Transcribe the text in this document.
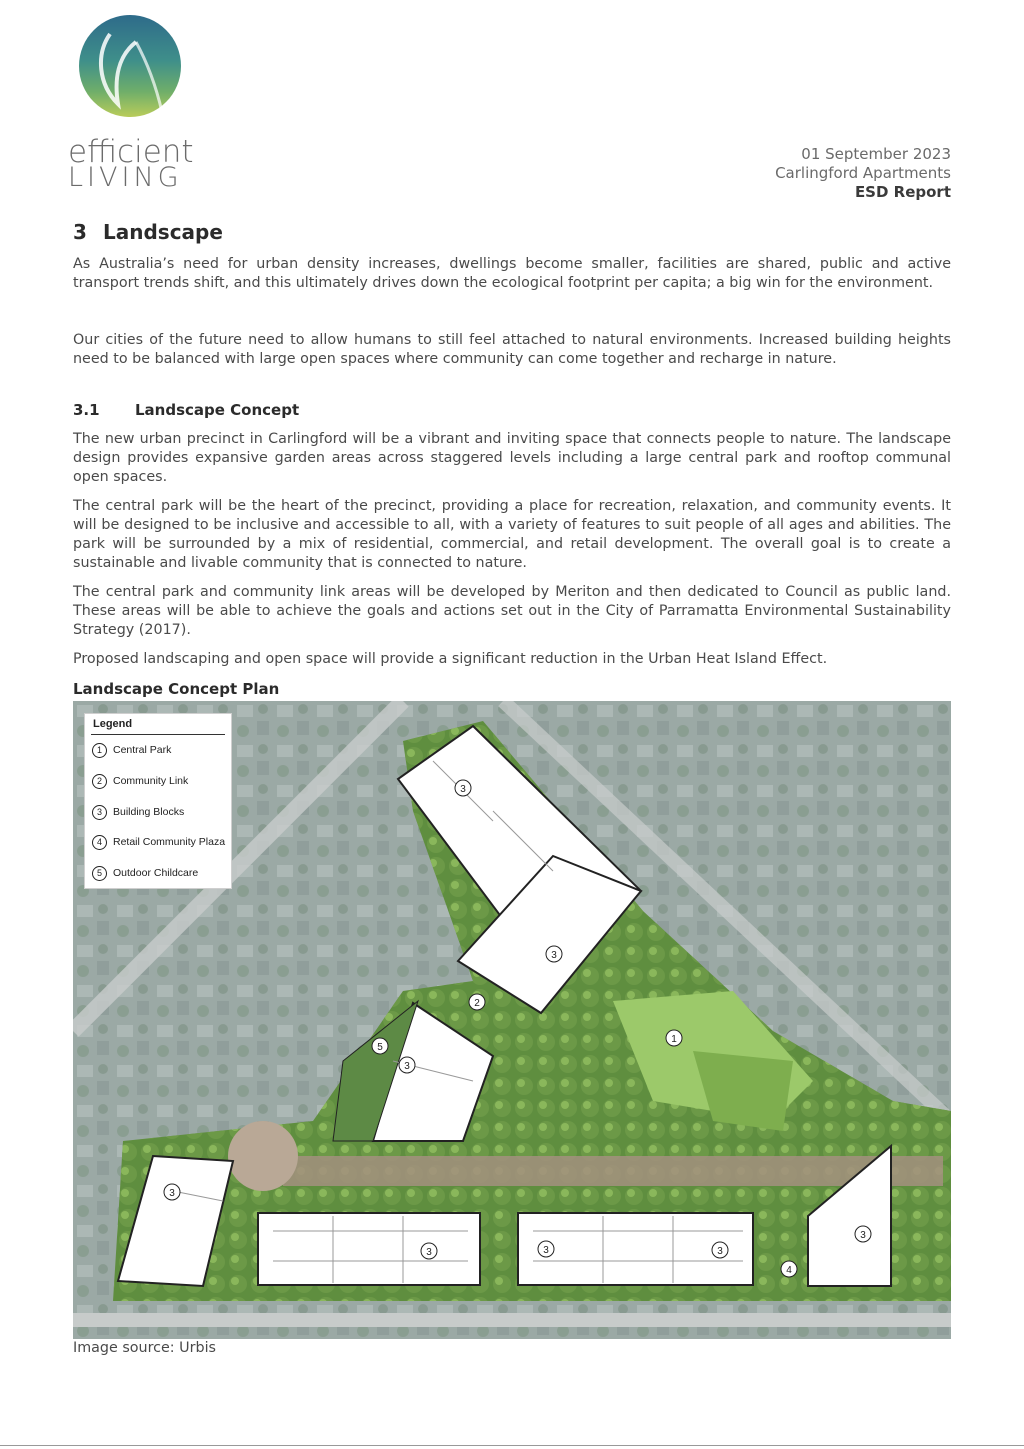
efficient
LIVING
01 September 2023
Carlingford Apartments
ESD Report
3 Landscape
As Australia’s need for urban density increases, dwellings become smaller, facilities are shared, public and active transport trends shift, and this ultimately drives down the ecological footprint per capita; a big win for the environment.
Our cities of the future need to allow humans to still feel attached to natural environments. Increased building heights need to be balanced with large open spaces where community can come together and recharge in nature.
3.1 Landscape Concept
The new urban precinct in Carlingford will be a vibrant and inviting space that connects people to nature. The landscape design provides expansive garden areas across staggered levels including a large central park and rooftop communal open spaces.
The central park will be the heart of the precinct, providing a place for recreation, relaxation, and community events. It will be designed to be inclusive and accessible to all, with a variety of features to suit people of all ages and abilities. The park will be surrounded by a mix of residential, commercial, and retail development. The overall goal is to create a sustainable and livable community that is connected to nature.
The central park and community link areas will be developed by Meriton and then dedicated to Council as public land. These areas will be able to achieve the goals and actions set out in the City of Parramatta Environmental Sustainability Strategy (2017).
Proposed landscaping and open space will provide a significant reduction in the Urban Heat Island Effect.
Landscape Concept Plan
3
3
2
5
3
1
3
3	3	3
3
4
Legend
1 Central Park
2 Community Link
3 Building Blocks
4 Retail Community Plaza
5 Outdoor Childcare
Image source: Urbis
